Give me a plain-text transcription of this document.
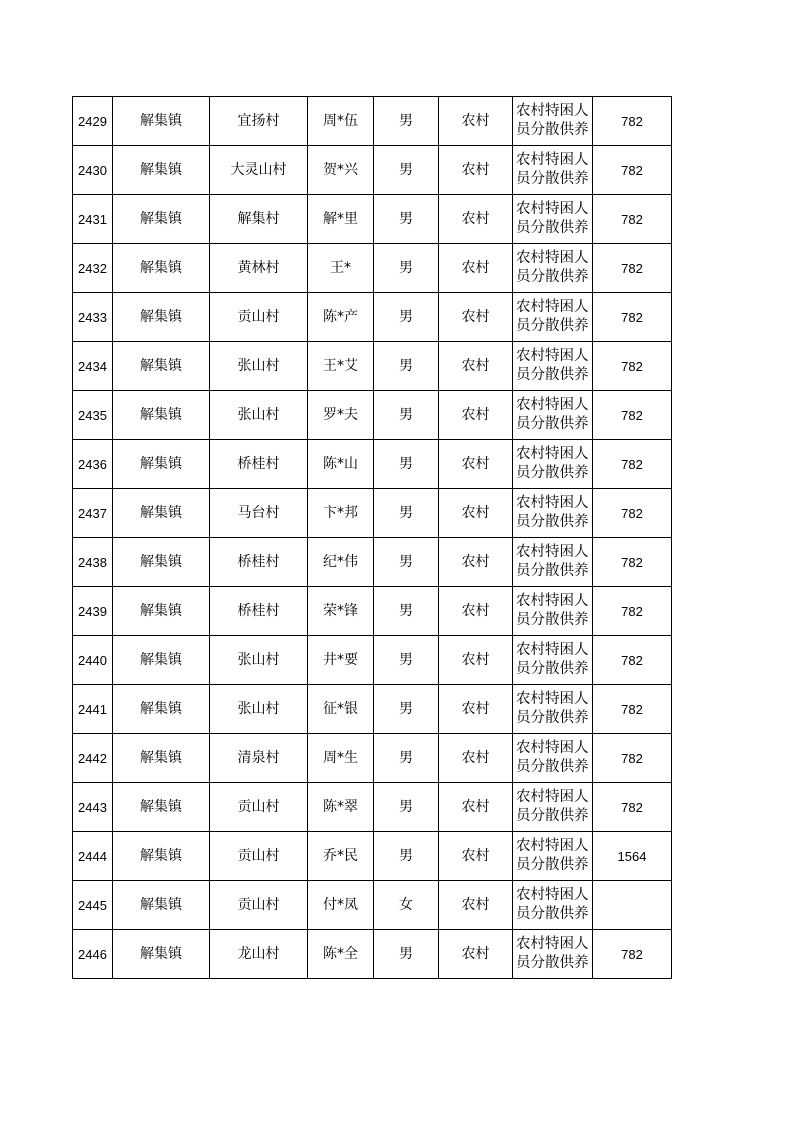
2429	解集镇	宜扬村	周*伍	男	农村	农村特困人员分散供养	782
2430	解集镇	大灵山村	贺*兴	男	农村	农村特困人员分散供养	782
2431	解集镇	解集村	解*里	男	农村	农村特困人员分散供养	782
2432	解集镇	黄林村	王*	男	农村	农村特困人员分散供养	782
2433	解集镇	贡山村	陈*产	男	农村	农村特困人员分散供养	782
2434	解集镇	张山村	王*艾	男	农村	农村特困人员分散供养	782
2435	解集镇	张山村	罗*夫	男	农村	农村特困人员分散供养	782
2436	解集镇	桥桂村	陈*山	男	农村	农村特困人员分散供养	782
2437	解集镇	马台村	卞*邦	男	农村	农村特困人员分散供养	782
2438	解集镇	桥桂村	纪*伟	男	农村	农村特困人员分散供养	782
2439	解集镇	桥桂村	荣*锋	男	农村	农村特困人员分散供养	782
2440	解集镇	张山村	井*要	男	农村	农村特困人员分散供养	782
2441	解集镇	张山村	征*银	男	农村	农村特困人员分散供养	782
2442	解集镇	清泉村	周*生	男	农村	农村特困人员分散供养	782
2443	解集镇	贡山村	陈*翠	男	农村	农村特困人员分散供养	782
2444	解集镇	贡山村	乔*民	男	农村	农村特困人员分散供养	1564
2445	解集镇	贡山村	付*凤	女	农村	农村特困人员分散供养	
2446	解集镇	龙山村	陈*全	男	农村	农村特困人员分散供养	782
